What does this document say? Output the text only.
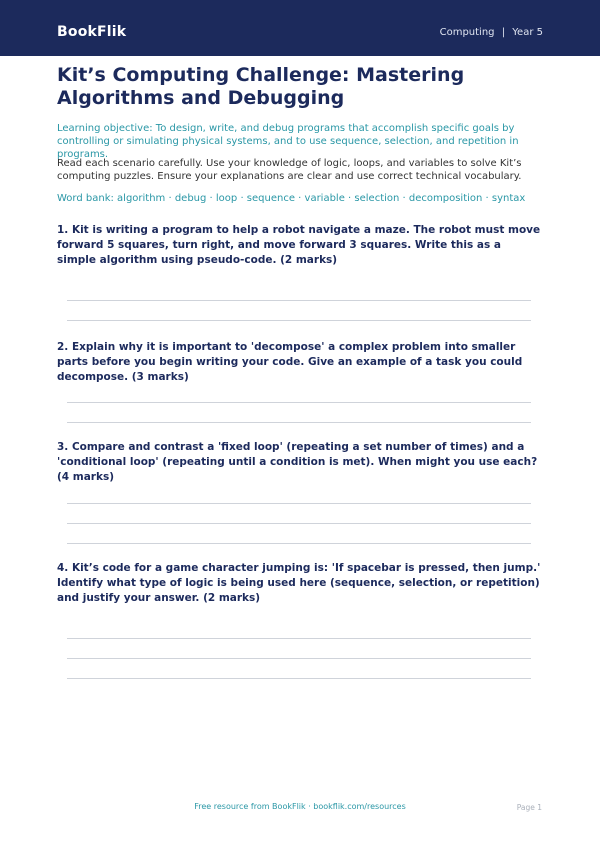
BookFlik	Computing | Year 5
Kit’s Computing Challenge: Mastering Algorithms and Debugging
Learning objective: To design, write, and debug programs that accomplish specific goals by controlling or simulating physical systems, and to use sequence, selection, and repetition in programs.
Read each scenario carefully. Use your knowledge of logic, loops, and variables to solve Kit’s computing puzzles. Ensure your explanations are clear and use correct technical vocabulary.
Word bank: algorithm · debug · loop · sequence · variable · selection · decomposition · syntax
1. Kit is writing a program to help a robot navigate a maze. The robot must move forward 5 squares, turn right, and move forward 3 squares. Write this as a simple algorithm using pseudo-code. (2 marks)
2. Explain why it is important to 'decompose' a complex problem into smaller parts before you begin writing your code. Give an example of a task you could decompose. (3 marks)
3. Compare and contrast a 'fixed loop' (repeating a set number of times) and a 'conditional loop' (repeating until a condition is met). When might you use each? (4 marks)
4. Kit’s code for a game character jumping is: 'If spacebar is pressed, then jump.' Identify what type of logic is being used here (sequence, selection, or repetition) and justify your answer. (2 marks)
Free resource from BookFlik · bookflik.com/resources	Page 1
